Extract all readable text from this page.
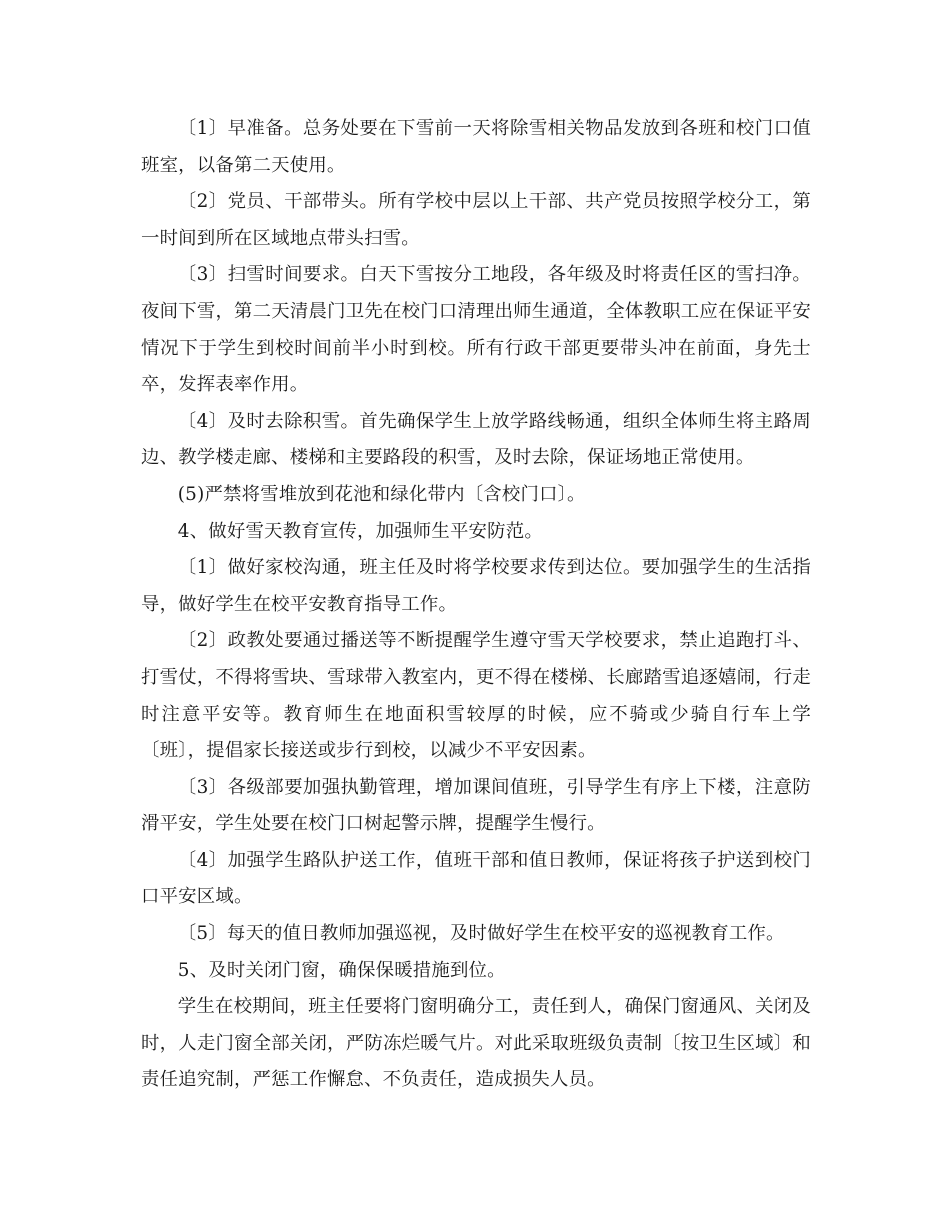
〔1〕早准备。总务处要在下雪前一天将除雪相关物品发放到各班和校门口值班室，以备第二天使用。

〔2〕党员、干部带头。所有学校中层以上干部、共产党员按照学校分工，第一时间到所在区域地点带头扫雪。

〔3〕扫雪时间要求。白天下雪按分工地段，各年级及时将责任区的雪扫净。夜间下雪，第二天清晨门卫先在校门口清理出师生通道，全体教职工应在保证平安情况下于学生到校时间前半小时到校。所有行政干部更要带头冲在前面，身先士卒，发挥表率作用。

〔4〕及时去除积雪。首先确保学生上放学路线畅通，组织全体师生将主路周边、教学楼走廊、楼梯和主要路段的积雪，及时去除，保证场地正常使用。

(5)严禁将雪堆放到花池和绿化带内〔含校门口〕。

4、做好雪天教育宣传，加强师生平安防范。

〔1〕做好家校沟通，班主任及时将学校要求传到达位。要加强学生的生活指导，做好学生在校平安教育指导工作。

〔2〕政教处要通过播送等不断提醒学生遵守雪天学校要求，禁止追跑打斗、打雪仗，不得将雪块、雪球带入教室内，更不得在楼梯、长廊踏雪追逐嬉闹，行走时注意平安等。教育师生在地面积雪较厚的时候，应不骑或少骑自行车上学〔班〕，提倡家长接送或步行到校，以减少不平安因素。

〔3〕各级部要加强执勤管理，增加课间值班，引导学生有序上下楼，注意防滑平安，学生处要在校门口树起警示牌，提醒学生慢行。

〔4〕加强学生路队护送工作，值班干部和值日教师，保证将孩子护送到校门口平安区域。

〔5〕每天的值日教师加强巡视，及时做好学生在校平安的巡视教育工作。

5、及时关闭门窗，确保保暖措施到位。

学生在校期间，班主任要将门窗明确分工，责任到人，确保门窗通风、关闭及时，人走门窗全部关闭，严防冻烂暖气片。对此采取班级负责制〔按卫生区域〕和责任追究制，严惩工作懈怠、不负责任，造成损失人员。
